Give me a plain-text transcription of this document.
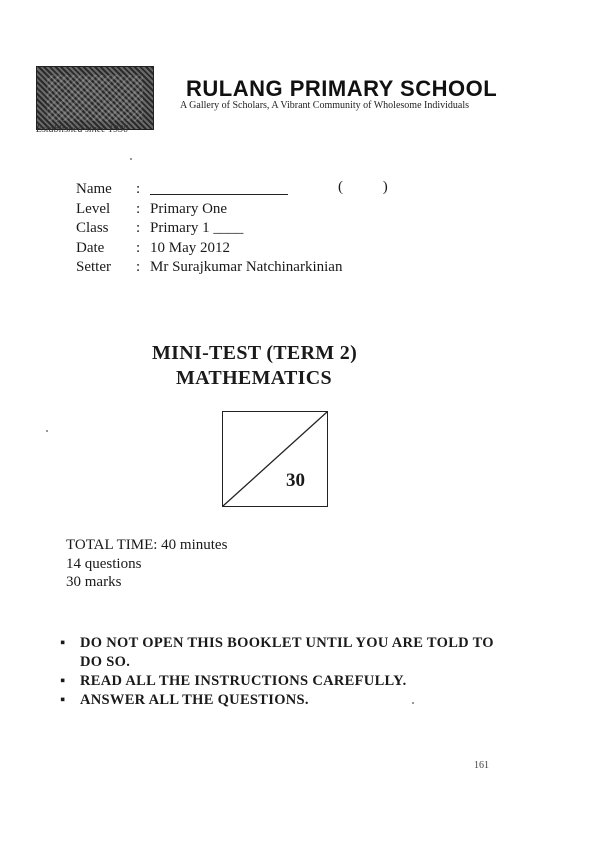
Established since 1930
RULANG PRIMARY SCHOOL
A Gallery of Scholars, A Vibrant Community of Wholesome Individuals
Name	:
Level	: Primary One
Class	: Primary 1 ____
Date	: 10 May 2012
Setter	: Mr Surajkumar Natchinarkinian
( )
MINI-TEST (TERM 2)
MATHEMATICS
30
TOTAL TIME: 40 minutes
14 questions
30 marks
▪	DO NOT OPEN THIS BOOKLET UNTIL YOU ARE TOLD TO DO SO.
▪	READ ALL THE INSTRUCTIONS CAREFULLY.
▪	ANSWER ALL THE QUESTIONS.
161
